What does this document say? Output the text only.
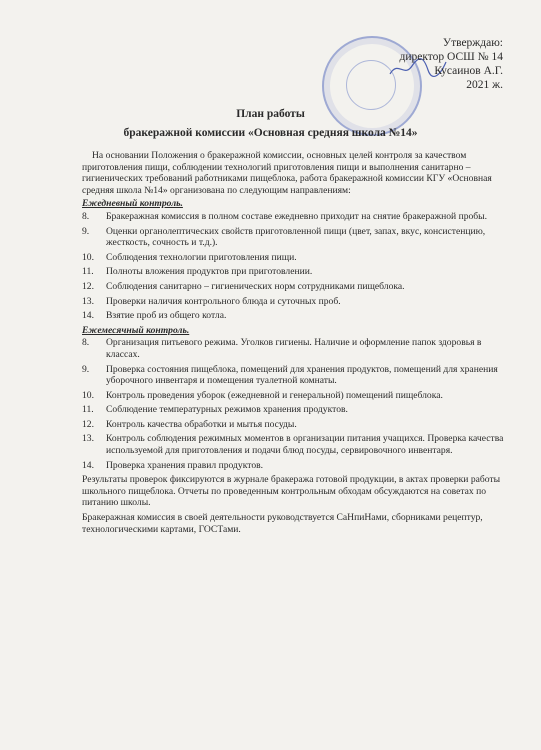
Утверждаю:
директор ОСШ № 14
Кусаинов А.Г.
2021 ж.
План работы
бракеражной комиссии «Основная средняя школа №14»

На основании Положения о бракеражной комиссии, основных целей контроля за качеством приготовления пищи, соблюдении технологий приготовления пищи и выполнения санитарно – гигиенических требований работниками пищеблока, работа бракеражной комиссии КГУ «Основная средняя школа №14» организована по следующим направлениям:

Ежедневный контроль.
8.	Бракеражная комиссия в полном составе ежедневно приходит на снятие бракеражной пробы.
9.	Оценки органолептических свойств приготовленной пищи (цвет, запах, вкус, консистенцию, жесткость, сочность и т.д.).
10.	Соблюдения технологии приготовления пищи.
11.	Полноты вложения продуктов при приготовлении.
12.	Соблюдения санитарно – гигиенических норм сотрудниками пищеблока.
13.	Проверки наличия контрольного блюда и суточных проб.
14.	Взятие проб из общего котла.
Ежемесячный контроль.
8.	Организация питьевого режима. Уголков гигиены. Наличие и оформление папок здоровья в классах.
9.	Проверка состояния пищеблока, помещений для хранения продуктов, помещений для хранения уборочного инвентаря и помещения туалетной комнаты.
10.	Контроль проведения уборок (ежедневной и генеральной) помещений пищеблока.
11.	Соблюдение температурных режимов хранения продуктов.
12.	Контроль качества обработки и мытья посуды.
13.	Контроль соблюдения режимных моментов в организации питания учащихся. Проверка качества используемой для приготовления и подачи блюд посуды, сервировочного инвентаря.
14.	Проверка хранения правил продуктов.

Результаты проверок фиксируются в журнале бракеража готовой продукции, в актах проверки работы школьного пищеблока. Отчеты по проведенным контрольным обходам обсуждаются на советах по питанию школы.

Бракеражная комиссия в своей деятельности руководствуется СаНпиНами, сборниками рецептур, технологическими картами, ГОСТами.
